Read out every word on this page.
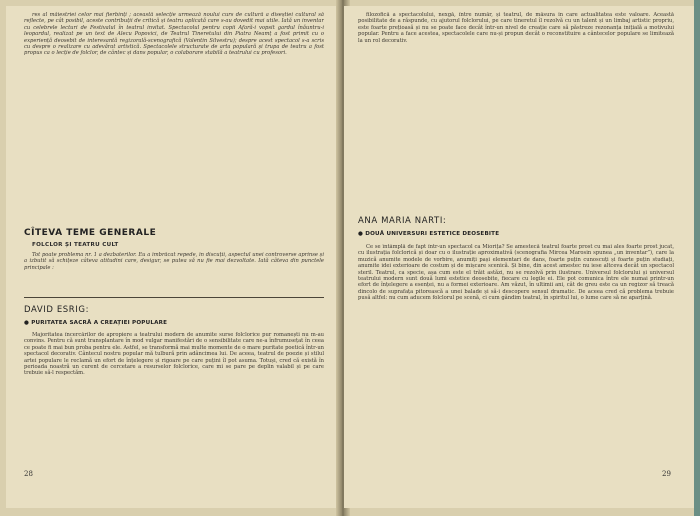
res al măiestriei celor mai fierbinți ; această selecție urmează noului curs de cultură a diseștiei cultural să reflecte, pe cât posibil, aceste contribuții de critică și teatru aplicată care s-au dovedit mai utile. Iată un inventar cu celebrele lecturi de Festivalul în teatrul invitat. Spectacolul pentru copii Afară-i vopsit gardul înăuntru-i leopardul, realizat pe un text de Alecu Popovici, de Teatrul Tineretului din Piatra Neamț a fost primit cu o experiență deosebit de interesantă regizorală-scenografică (Valentin Silvestru); despre acest spectacol s-a scris cu despre o realizare cu adevărat artistică. Spectacolele structurate de arta populară și trupa de teatru a fost propus ca o lecție de folclor, de cântec și dans popular, o colaborare stabilă a teatrului cu profesori.

CÎTEVA TEME GENERALE
FOLCLOR ȘI TEATRU CULT

Tot poate problema nr. 1 a dezbaterilor. Eu a îmbrăcat repede, în discuții, aspectul unei controverse aprinse și a izbutit să schițeze câteva atitudini care, desigur, se putea să nu fie mai dezvoltate. Iată câteva din punctele principale :

DAVID ESRIG:
● PURITATEA SACRĂ A CREAȚIEI POPULARE

Majoritatea încercărilor de apropiere a teatrului modern de anumite surse folclorice pur romanești nu m-au convins. Pentru că sunt transplantare în mod vulgar manifestări de o sensibilitate care ne-a înfrumusețat în ceea ce poate fi mai bun proba pentru ele. Astfel, se transformă mai multe momente de o mare puritate poetică într-un spectacol decorativ. Cântecul nostru popular mă tulbură prin adâncimea lui. De aceea, teatrul de poezie și stilul artei populare le reclamă un efort de înțelegere și rigoare pe care puțini îl pot asuma. Totuși, cred că există în perioada noastră un curent de cercetare a resurselor folclorice, care mi se pare pe deplin valabil și pe care trebuie să-l respectăm.

28

filozofică a spectacolului, nexgă, între număr, și teatrul, de măsura în care actualitatea este valoare. Această posibilitate de a răspunde, cu ajutorul folclorului, pe care tineretul îl rezolvă cu un talent și un limbaj artistic propriu, este foarte prețioasă și nu se poate face decât într-un nivel de creație care să păstreze rezonanța inițială a motivului popular. Pentru a face acestea, spectacolele care nu-și propun decât o reconstituire a cântecelor populare se limitează la un rol decorativ.

ANA MARIA NARTI:
● DOUĂ UNIVERSURI ESTETICE DEOSEBITE

Ce se întâmplă de fapt într-un spectacol ca Miorița? Se amestecă teatrul foarte prost cu mai ales foarte prost jucat, cu ilustrația folclorică și doar cu o ilustrație aproximativă (scenografia Mircea Marosin spunea „un inventar”), care la muzică anumite modele de vorbire, anumiți pași elementari de dans, foarte puțin cunoscuți și foarte puțin studiați, anumite idei exterioare de costum și de mișcare scenică. Și bine, din acest amestec nu iese altceva decât un spectacol steril. Teatrul, ca specie, așa cum este el trăit astăzi, nu se rezolvă prin ilustrare. Universul folclorului și universul teatrului modern sunt două lumi estetice deosebite, fiecare cu legile ei. Ele pot comunica între ele numai printr-un efort de înțelegere a esenței, nu a formei exterioare. Am văzut, în ultimii ani, cât de greu este ca un regizor să treacă dincolo de suprafața pitorească a unei balade și să-i descopere sensul dramatic. De aceea cred că problema trebuie pusă altfel: nu cum aducem folclorul pe scenă, ci cum gândim teatral, în spiritul lui, o lume care să ne aparțină.

29
